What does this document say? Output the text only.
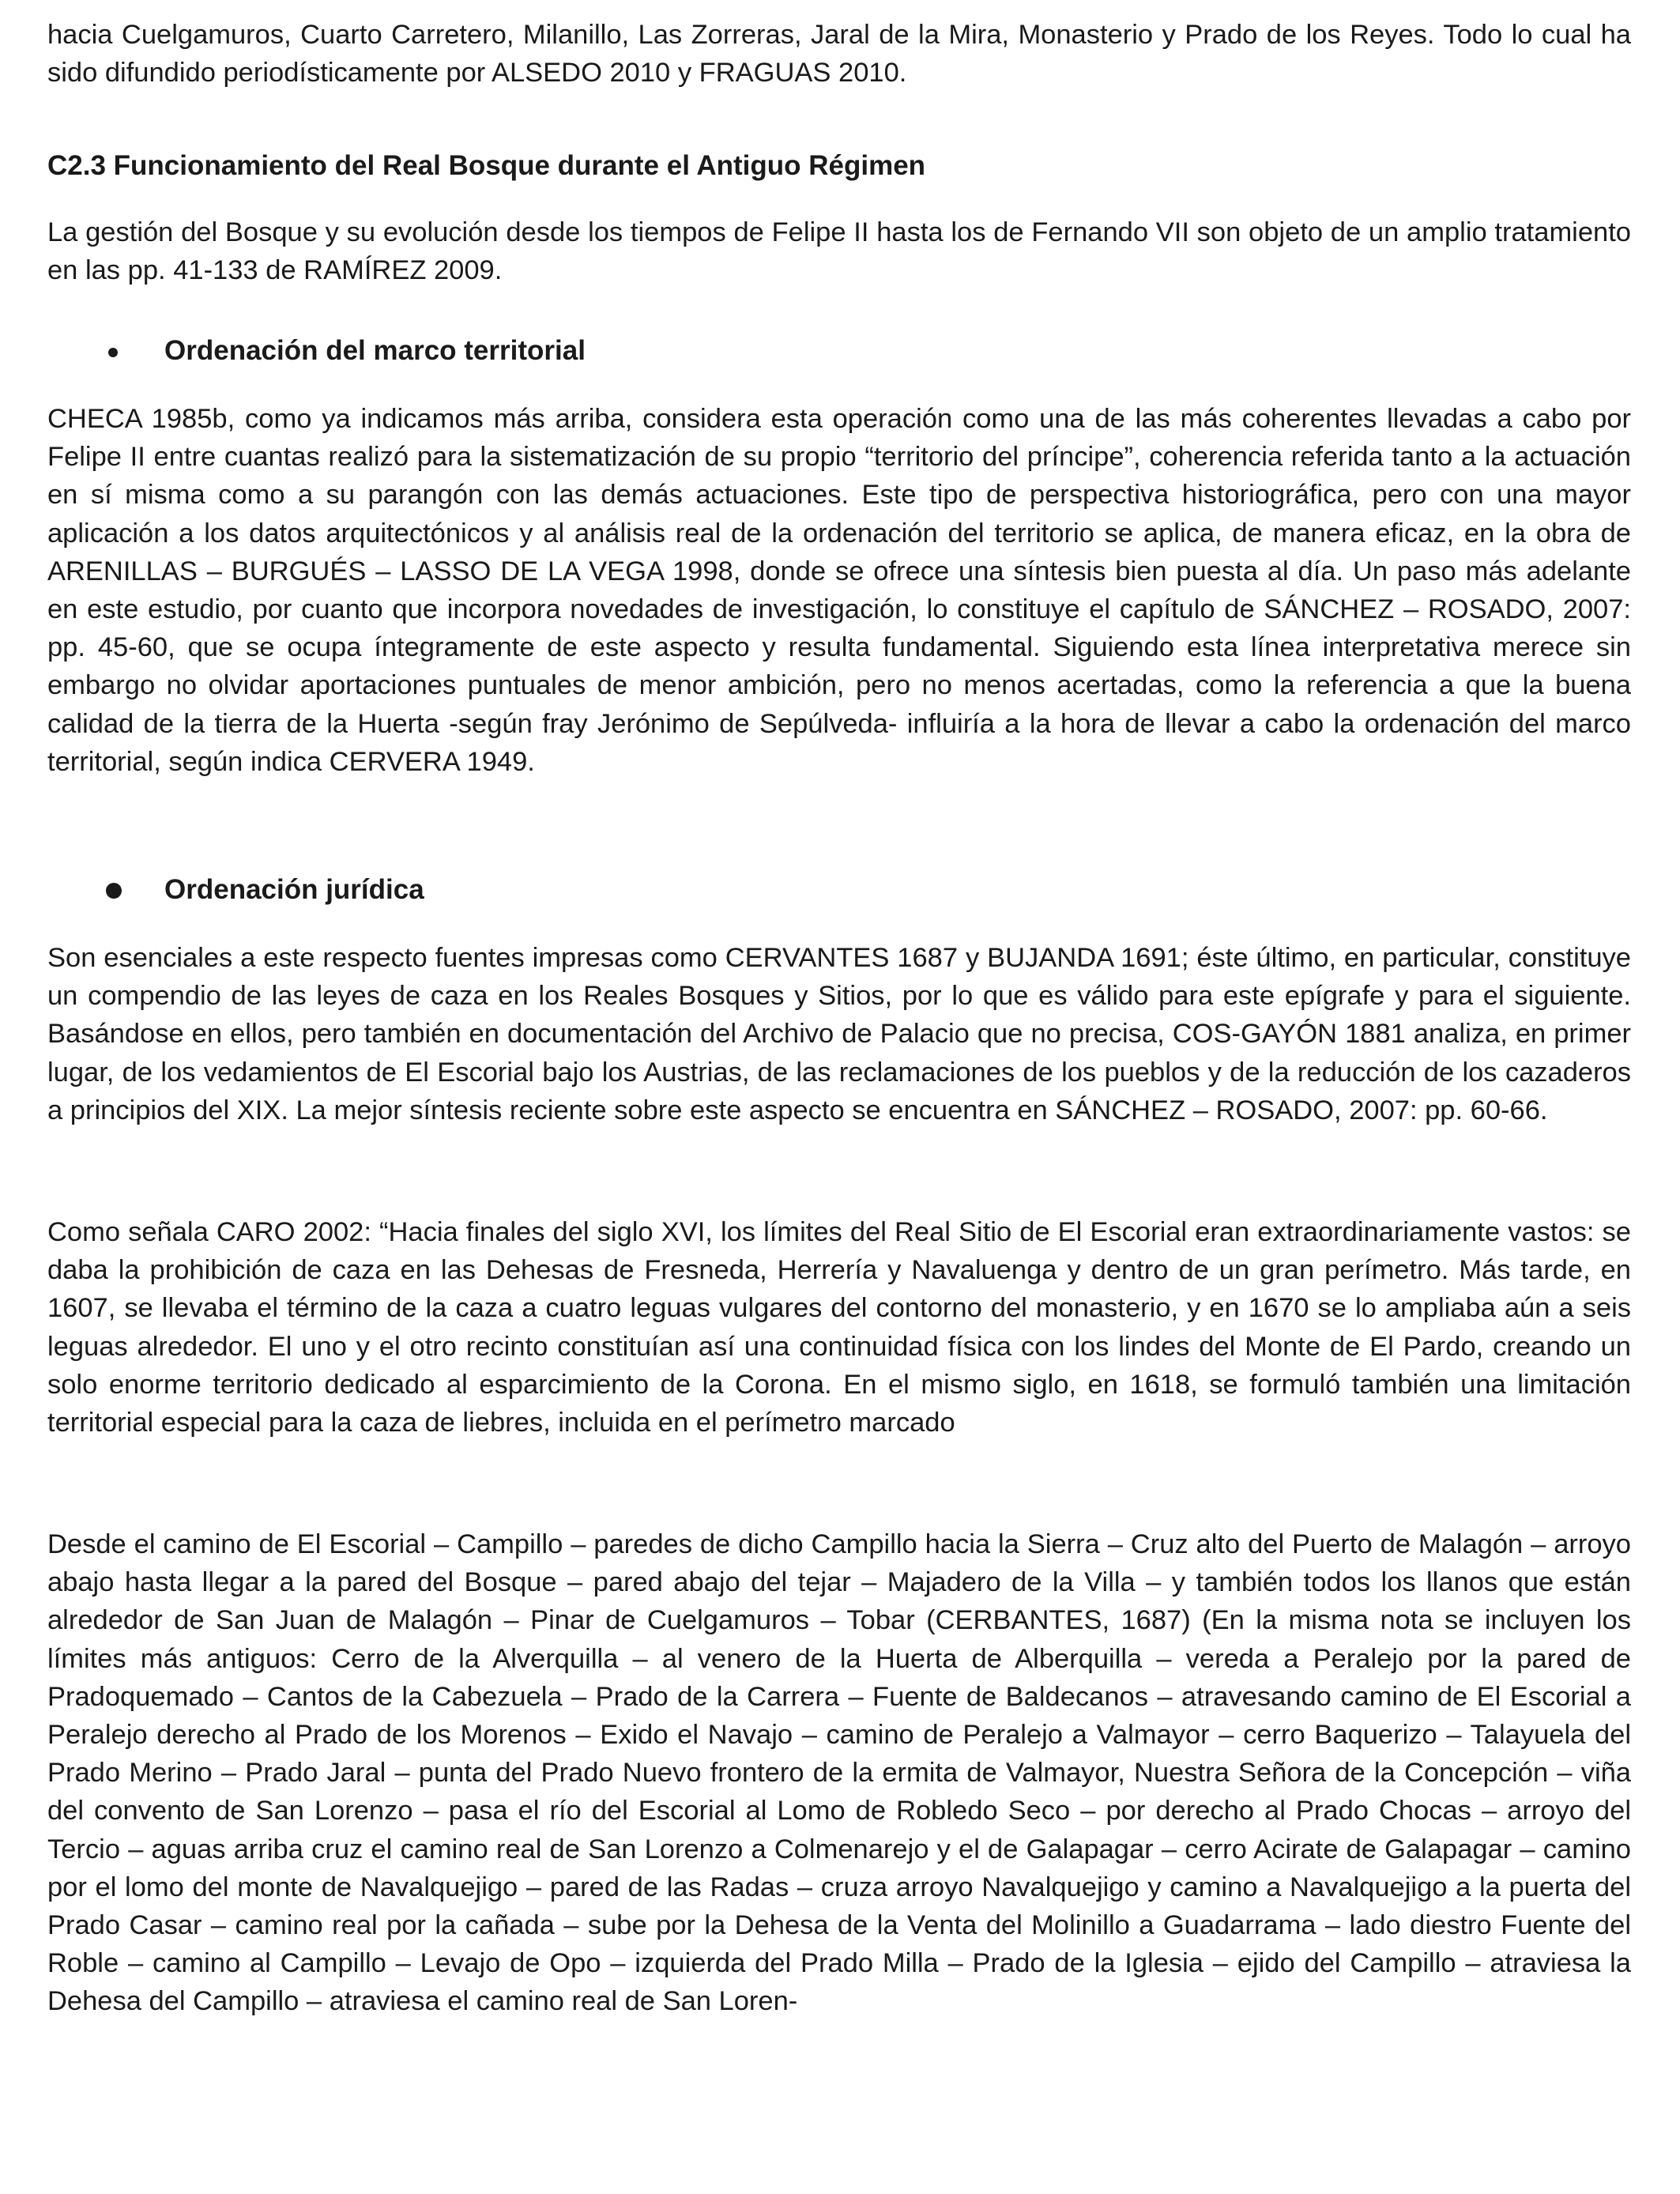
hacia Cuelgamuros, Cuarto Carretero, Milanillo, Las Zorreras, Jaral de la Mira, Monasterio y Prado de los Reyes. Todo lo cual ha sido difundido periodísticamente por ALSEDO 2010 y FRAGUAS 2010.

C2.3 Funcionamiento del Real Bosque durante el Antiguo Régimen

La gestión del Bosque y su evolución desde los tiempos de Felipe II hasta los de Fernando VII son objeto de un amplio tratamiento en las pp. 41-133 de RAMÍREZ 2009.

Ordenación del marco territorial

CHECA 1985b, como ya indicamos más arriba, considera esta operación como una de las más coherentes llevadas a cabo por Felipe II entre cuantas realizó para la sistematización de su propio “territorio del príncipe”, coherencia referida tanto a la actuación en sí misma como a su parangón con las demás actuaciones. Este tipo de perspectiva historiográfica, pero con una mayor aplicación a los datos arquitectónicos y al análisis real de la ordenación del territorio se aplica, de manera eficaz, en la obra de ARENILLAS – BURGUÉS – LASSO DE LA VEGA 1998, donde se ofrece una síntesis bien puesta al día. Un paso más adelante en este estudio, por cuanto que incorpora novedades de investigación, lo constituye el capítulo de SÁNCHEZ – ROSADO, 2007: pp. 45-60, que se ocupa íntegramente de este aspecto y resulta fundamental. Siguiendo esta línea interpretativa merece sin embargo no olvidar aportaciones puntuales de menor ambición, pero no menos acertadas, como la referencia a que la buena calidad de la tierra de la Huerta -según fray Jerónimo de Sepúlveda- influiría a la hora de llevar a cabo la ordenación del marco territorial, según indica CERVERA 1949.

Ordenación jurídica

Son esenciales a este respecto fuentes impresas como CERVANTES 1687 y BUJANDA 1691; éste último, en particular, constituye un compendio de las leyes de caza en los Reales Bosques y Sitios, por lo que es válido para este epígrafe y para el siguiente. Basándose en ellos, pero también en documentación del Archivo de Palacio que no precisa, COS-GAYÓN 1881 analiza, en primer lugar, de los vedamientos de El Escorial bajo los Austrias, de las reclamaciones de los pueblos y de la reducción de los cazaderos a principios del XIX. La mejor síntesis reciente sobre este aspecto se encuentra en SÁNCHEZ – ROSADO, 2007: pp. 60-66.

Como señala CARO 2002: “Hacia finales del siglo XVI, los límites del Real Sitio de El Escorial eran extraordinariamente vastos: se daba la prohibición de caza en las Dehesas de Fresneda, Herrería y Navaluenga y dentro de un gran perímetro. Más tarde, en 1607, se llevaba el término de la caza a cuatro leguas vulgares del contorno del monasterio, y en 1670 se lo ampliaba aún a seis leguas alrededor. El uno y el otro recinto constituían así una continuidad física con los lindes del Monte de El Pardo, creando un solo enorme territorio dedicado al esparcimiento de la Corona. En el mismo siglo, en 1618, se formuló también una limitación territorial especial para la caza de liebres, incluida en el perímetro marcado

Desde el camino de El Escorial – Campillo – paredes de dicho Campillo hacia la Sierra – Cruz alto del Puerto de Malagón – arroyo abajo hasta llegar a la pared del Bosque – pared abajo del tejar – Majadero de la Villa – y también todos los llanos que están alrededor de San Juan de Malagón – Pinar de Cuelgamuros – Tobar (CERBANTES, 1687) (En la misma nota se incluyen los límites más antiguos: Cerro de la Alverquilla – al venero de la Huerta de Alberquilla – vereda a Peralejo por la pared de Pradoquemado – Cantos de la Cabezuela – Prado de la Carrera – Fuente de Baldecanos – atravesando camino de El Escorial a Peralejo derecho al Prado de los Morenos – Exido el Navajo – camino de Peralejo a Valmayor – cerro Baquerizo – Talayuela del Prado Merino – Prado Jaral – punta del Prado Nuevo frontero de la ermita de Valmayor, Nuestra Señora de la Concepción – viña del convento de San Lorenzo – pasa el río del Escorial al Lomo de Robledo Seco – por derecho al Prado Chocas – arroyo del Tercio – aguas arriba cruz el camino real de San Lorenzo a Colmenarejo y el de Galapagar – cerro Acirate de Galapagar – camino por el lomo del monte de Navalquejigo – pared de las Radas – cruza arroyo Navalquejigo y camino a Navalquejigo a la puerta del Prado Casar – camino real por la cañada – sube por la Dehesa de la Venta del Molinillo a Guadarrama – lado diestro Fuente del Roble – camino al Campillo – Levajo de Opo – izquierda del Prado Milla – Prado de la Iglesia – ejido del Campillo – atraviesa la Dehesa del Campillo – atraviesa el camino real de San Loren-
